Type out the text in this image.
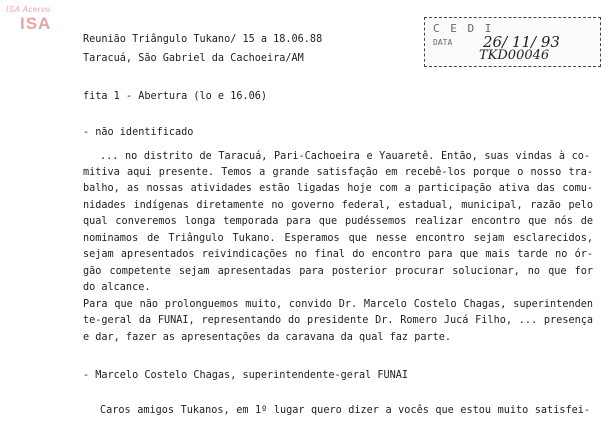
ISA Acervo
ISA	C E D I
DATA 26/ 11/ 93
TKD00046
Reunião Triângulo Tukano/ 15 a 18.06.88
Taracuá, São Gabriel da Cachoeira/AM
fita 1 - Abertura (lo e 16.06)
- não identificado
... no distrito de Taracuá, Pari-Cachoeira e Yauaretê. Então, suas vindas à co-
mitiva aqui presente. Temos a grande satisfação em recebê-los porque o nosso tra-
balho, as nossas atividades estão ligadas hoje com a participação ativa das comu-
nidades indígenas diretamente no governo federal, estadual, municipal, razão pelo
qual converemos longa temporada para que pudéssemos realizar encontro que nós de
nominamos de Triângulo Tukano. Esperamos que nesse encontro sejam esclarecidos,
sejam apresentados reivindicações no final do encontro para que mais tarde no ór-
gão competente sejam apresentadas para posterior procurar solucionar, no que for
do alcance.
Para que não prolonguemos muito, convido Dr. Marcelo Costelo Chagas, superintenden
te-geral da FUNAI, representando do presidente Dr. Romero Jucá Filho, ... presença
e dar, fazer as apresentações da caravana da qual faz parte.
- Marcelo Costelo Chagas, superintendente-geral FUNAI
Caros amigos Tukanos, em 1º lugar quero dizer a vocês que estou muito satisfei-
